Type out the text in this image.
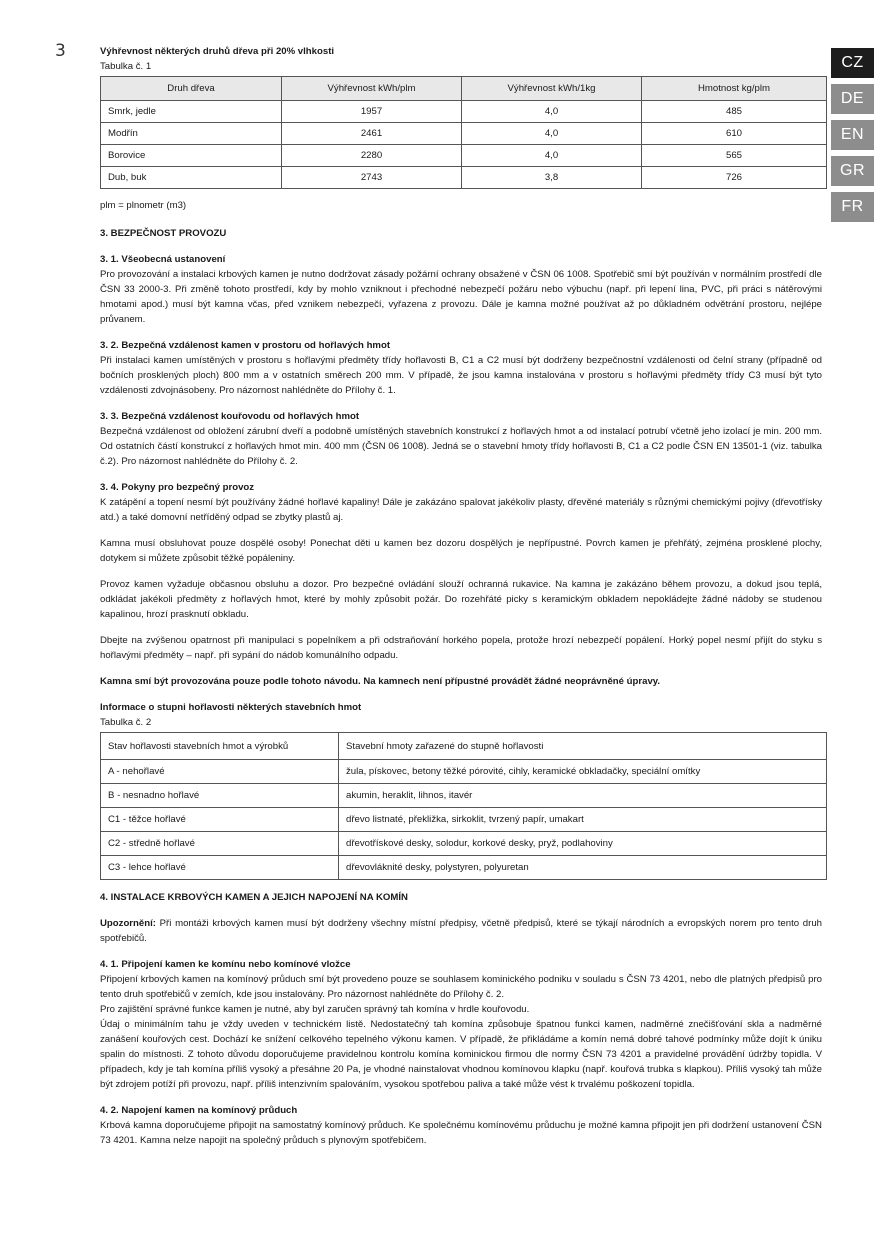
3
CZ
DE
EN
GR
FR
Výhřevnost některých druhů dřeva při 20% vlhkosti
Tabulka č. 1
Druh dřeva	Výhřevnost kWh/plm	Výhřevnost kWh/1kg	Hmotnost kg/plm
Smrk, jedle	1957	4,0	485
Modřín	2461	4,0	610
Borovice	2280	4,0	565
Dub, buk	2743	3,8	726
plm = plnometr (m3)
3. BEZPEČNOST PROVOZU
3. 1. Všeobecná ustanovení

Pro provozování a instalaci krbových kamen je nutno dodržovat zásady požární ochrany obsažené v ČSN 06 1008. Spotřebič smí být používán v normálním prostředí dle ČSN 33 2000-3. Při změně tohoto prostředí, kdy by mohlo vzniknout i přechodné nebezpečí požáru nebo výbuchu (např. při lepení lina, PVC, při práci s nátěrovými hmotami apod.) musí být kamna včas, před vznikem nebezpečí, vyřazena z provozu. Dále je kamna možné používat až po důkladném odvětrání prostoru, nejlépe průvanem.

3. 2. Bezpečná vzdálenost kamen v prostoru od hořlavých hmot

Při instalaci kamen umístěných v prostoru s hořlavými předměty třídy hořlavosti B, C1 a C2 musí být dodrženy bezpečnostní vzdálenosti od čelní strany (případně od bočních prosklených ploch) 800 mm a v ostatních směrech 200 mm. V případě, že jsou kamna instalována v prostoru s hořlavými předměty třídy C3 musí být tyto vzdálenosti zdvojnásobeny. Pro názornost nahlédněte do Přílohy č. 1.

3. 3. Bezpečná vzdálenost kouřovodu od hořlavých hmot

Bezpečná vzdálenost od obložení zárubní dveří a podobně umístěných stavebních konstrukcí z hořlavých hmot a od instalací potrubí včetně jeho izolací je min. 200 mm. Od ostatních částí konstrukcí z hořlavých hmot min. 400 mm (ČSN 06 1008). Jedná se o stavební hmoty třídy hořlavosti B, C1 a C2 podle ČSN EN 13501-1 (viz. tabulka č.2). Pro názornost nahlédněte do Přílohy č. 2.

3. 4. Pokyny pro bezpečný provoz

K zatápění a topení nesmí být používány žádné hořlavé kapaliny! Dále je zakázáno spalovat jakékoliv plasty, dřevěné materiály s různými chemickými pojivy (dřevotřísky atd.) a také domovní netříděný odpad se zbytky plastů aj.

Kamna musí obsluhovat pouze dospělé osoby! Ponechat děti u kamen bez dozoru dospělých je nepřípustné. Povrch kamen je přehřátý, zejména prosklené plochy, dotykem si můžete způsobit těžké popáleniny.

Provoz kamen vyžaduje občasnou obsluhu a dozor. Pro bezpečné ovládání slouží ochranná rukavice. Na kamna je zakázáno během provozu, a dokud jsou teplá, odkládat jakékoli předměty z hořlavých hmot, které by mohly způsobit požár. Do rozehřáté picky s keramickým obkladem nepokládejte žádné nádoby se studenou kapalinou, hrozí prasknutí obkladu.

Dbejte na zvýšenou opatrnost při manipulaci s popelníkem a při odstraňování horkého popela, protože hrozí nebezpečí popálení. Horký popel nesmí přijít do styku s hořlavými předměty – např. při sypání do nádob komunálního odpadu.

Kamna smí být provozována pouze podle tohoto návodu. Na kamnech není přípustné provádět žádné neoprávněné úpravy.
Informace o stupni hořlavosti některých stavebních hmot
Tabulka č. 2
Stav hořlavosti stavebních hmot a výrobků	Stavební hmoty zařazené do stupně hořlavosti
A - nehořlavé	žula, pískovec, betony těžké pórovité, cihly, keramické obkladačky, speciální omítky
B - nesnadno hořlavé	akumin, heraklit, lihnos, itavér
C1 - těžce hořlavé	dřevo listnaté, překližka, sirkoklit, tvrzený papír, umakart
C2 - středně hořlavé	dřevotřískové desky, solodur, korkové desky, pryž, podlahoviny
C3 - lehce hořlavé	dřevovláknité desky, polystyren, polyuretan
4. INSTALACE KRBOVÝCH KAMEN A JEJICH NAPOJENÍ NA KOMÍN

Upozornění: Při montáži krbových kamen musí být dodrženy všechny místní předpisy, včetně předpisů, které se týkají národních a evropských norem pro tento druh spotřebičů.

4. 1. Připojení kamen ke komínu nebo komínové vložce

Připojení krbových kamen na komínový průduch smí být provedeno pouze se souhlasem kominického podniku v souladu s ČSN 73 4201, nebo dle platných předpisů pro tento druh spotřebičů v zemích, kde jsou instalovány. Pro názornost nahlédněte do Přílohy č. 2.

Pro zajištění správné funkce kamen je nutné, aby byl zaručen správný tah komína v hrdle kouřovodu.

Údaj o minimálním tahu je vždy uveden v technickém listě. Nedostatečný tah komína způsobuje špatnou funkci kamen, nadměrné znečišťování skla a nadměrné zanášení kouřových cest. Dochází ke snížení celkového tepelného výkonu kamen. V případě, že přikládáme a komín nemá dobré tahové podmínky může dojít k úniku spalin do místnosti. Z tohoto důvodu doporučujeme pravidelnou kontrolu komína kominickou firmou dle normy ČSN 73 4201 a pravidelné provádění údržby topidla. V případech, kdy je tah komína příliš vysoký a přesáhne 20 Pa, je vhodné nainstalovat vhodnou komínovou klapku (např. kouřová trubka s klapkou). Příliš vysoký tah může být zdrojem potíží při provozu, např. příliš intenzivním spalováním, vysokou spotřebou paliva a také může vést k trvalému poškození topidla.

4. 2. Napojení kamen na komínový průduch

Krbová kamna doporučujeme připojit na samostatný komínový průduch. Ke společnému komínovému průduchu je možné kamna připojit jen při dodržení ustanovení ČSN 73 4201. Kamna nelze napojit na společný průduch s plynovým spotřebičem.
